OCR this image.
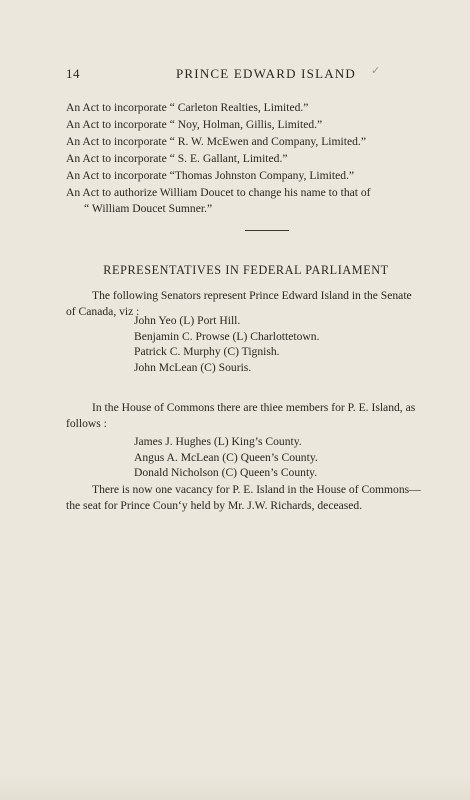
14	PRINCE EDWARD ISLAND ✓
An Act to incorporate “ Carleton Realties, Limited.”
An Act to incorporate “ Noy, Holman, Gillis, Limited.”
An Act to incorporate “ R. W. McEwen and Company, Limited.”
An Act to incorporate “ S. E. Gallant, Limited.”
An Act to incorporate “Thomas Johnston Company, Limited.”
An Act to authorize William Doucet to change his name to that of
“ William Doucet Sumner.”
REPRESENTATIVES IN FEDERAL PARLIAMENT
The following Senators represent Prince Edward Island in the Senate of Canada, viz :
John Yeo (L) Port Hill.
Benjamin C. Prowse (L) Charlottetown.
Patrick C. Murphy (C) Tignish.
John McLean (C) Souris.
In the House of Commons there are thiee members for P. E. Island, as follows :
James J. Hughes (L) King’s County.
Angus A. McLean (C) Queen’s County.
Donald Nicholson (C) Queen’s County.
There is now one vacancy for P. E. Island in the House of Commons—the seat for Prince Coun‘y held by Mr. J.W. Richards, deceased.
